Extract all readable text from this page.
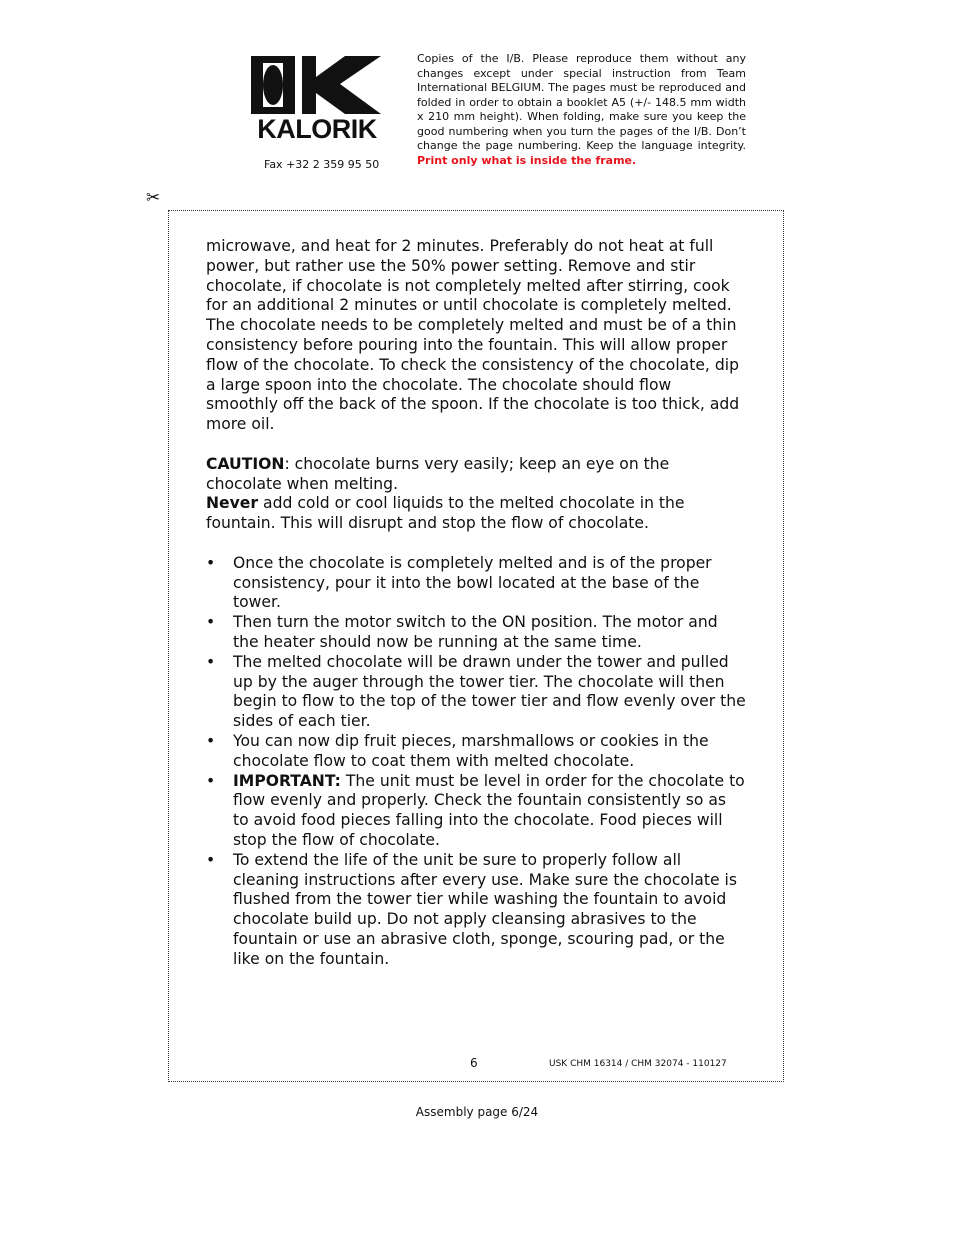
KALORIK
Fax +32 2 359 95 50
Copies of the I/B. Please reproduce them without any changes except under special instruction from Team International BELGIUM. The pages must be reproduced and folded in order to obtain a booklet A5 (+/- 148.5 mm width x 210 mm height). When folding, make sure you keep the good numbering when you turn the pages of the I/B. Don’t change the page numbering. Keep the language integrity. Print only what is inside the frame.
✂

microwave, and heat for 2 minutes. Preferably do not heat at full power, but rather use the 50% power setting. Remove and stir chocolate, if chocolate is not completely melted after stirring, cook for an additional 2 minutes or until chocolate is completely melted. The chocolate needs to be completely melted and must be of a thin consistency before pouring into the fountain. This will allow proper flow of the chocolate. To check the consistency of the chocolate, dip a large spoon into the chocolate. The chocolate should flow smoothly off the back of the spoon. If the chocolate is too thick, add more oil.

CAUTION: chocolate burns very easily; keep an eye on the chocolate when melting.

Never add cold or cool liquids to the melted chocolate in the fountain. This will disrupt and stop the flow of chocolate.

• Once the chocolate is completely melted and is of the proper consistency, pour it into the bowl located at the base of the tower.
• Then turn the motor switch to the ON position. The motor and the heater should now be running at the same time.
• The melted chocolate will be drawn under the tower and pulled up by the auger through the tower tier. The chocolate will then begin to flow to the top of the tower tier and flow evenly over the sides of each tier.
• You can now dip fruit pieces, marshmallows or cookies in the chocolate flow to coat them with melted chocolate.
• IMPORTANT: The unit must be level in order for the chocolate to flow evenly and properly. Check the fountain consistently so as to avoid food pieces falling into the chocolate. Food pieces will stop the flow of chocolate.
• To extend the life of the unit be sure to properly follow all cleaning instructions after every use. Make sure the chocolate is flushed from the tower tier while washing the fountain to avoid chocolate build up. Do not apply cleansing abrasives to the fountain or use an abrasive cloth, sponge, scouring pad, or the like on the fountain.
6	USK CHM 16314 / CHM 32074 - 110127
Assembly page 6/24
